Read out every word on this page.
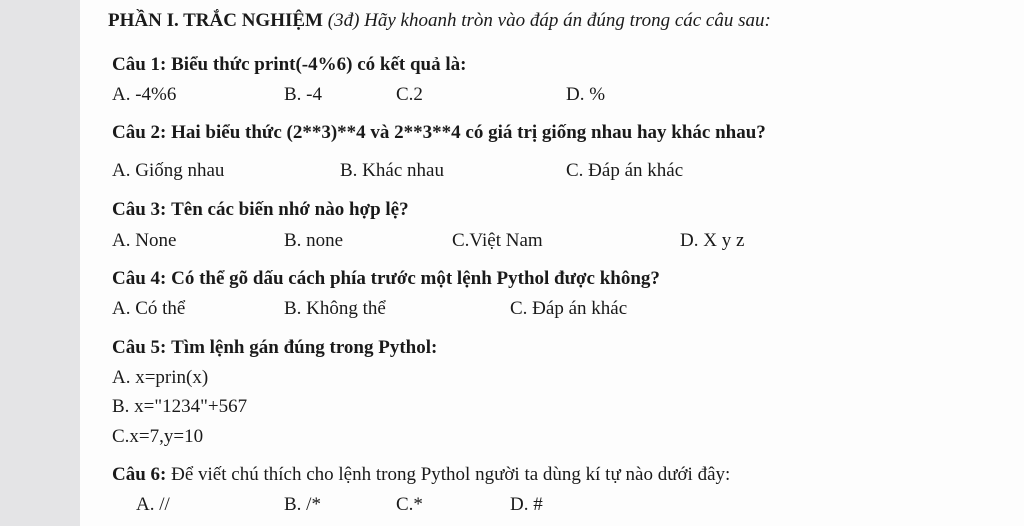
PHẦN I. TRẮC NGHIỆM (3đ) Hãy khoanh tròn vào đáp án đúng trong các câu sau:
Câu 1: Biểu thức print(-4%6) có kết quả là:
A. -4%6	B. -4	C.2	D. %
Câu 2: Hai biểu thức (2**3)**4 và 2**3**4 có giá trị giống nhau hay khác nhau?
A. Giống nhau	B. Khác nhau	C. Đáp án khác
Câu 3: Tên các biến nhớ nào hợp lệ?
A. None	B. none	C.Việt Nam	D. X y z
Câu 4: Có thể gõ dấu cách phía trước một lệnh Pythol được không?
A. Có thể	B. Không thể	C. Đáp án khác
Câu 5: Tìm lệnh gán đúng trong Pythol:
A. x=prin(x)
B. x="1234"+567
C.x=7,y=10
Câu 6: Để viết chú thích cho lệnh trong Pythol người ta dùng kí tự nào dưới đây:
A. //	B. /*	C.*	D. #
